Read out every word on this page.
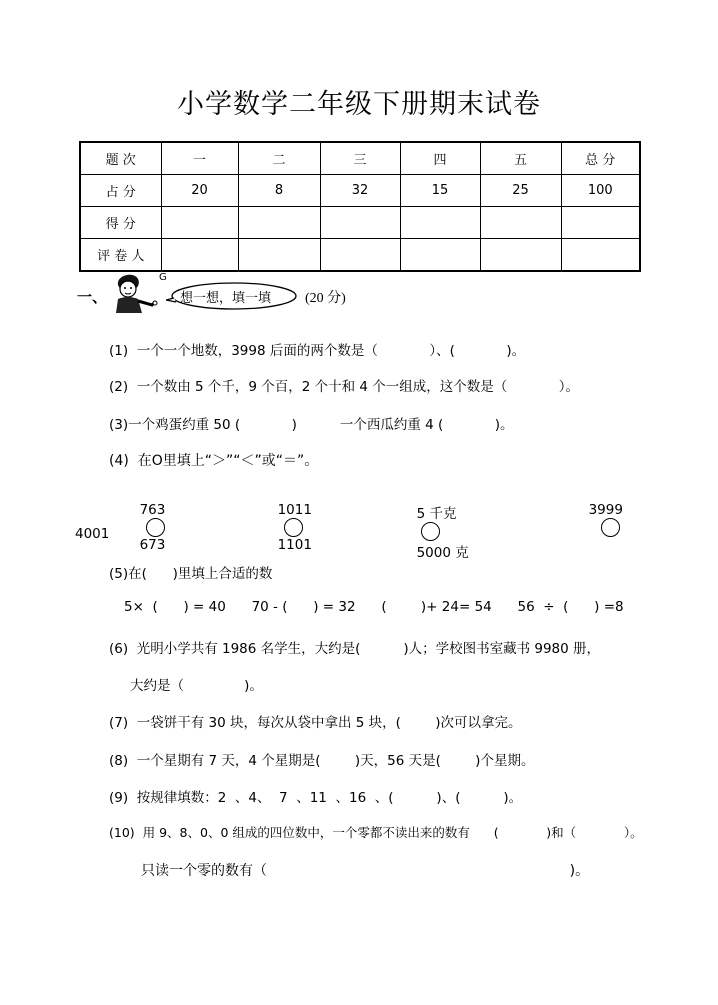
小学数学二年级下册期末试卷
题 次	一	二	三	四	五	总 分
占 分	20	8	32	15	25	100
得 分						
评 卷 人						
一、
G
想一想，填一填 (20 分)
(1)  一个一个地数，3998 后面的两个数是（            ）、(            )。
(2)  一个数由 5 个千，9 个百，2 个十和 4 个一组成，这个数是（            ）。
(3)一个鸡蛋约重 50 (            )          一个西瓜约重 4 (            )。
(4)  在O里填上“＞”“＜”或“＝”。

763

673

1011

1101

5 千克

5000 克

3999

4001
(5)在(      )里填上合适的数
5×  (      ) = 40      70 - (      ) = 32      (        )+ 24= 54      56  ÷  (      ) =8
(6)  光明小学共有 1986 名学生，大约是(          )人；学校图书室藏书 9980 册，
大约是（              )。
(7)  一袋饼干有 30 块，每次从袋中拿出 5 块，(        )次可以拿完。
(8)  一个星期有 7 天，4 个星期是(        )天，56 天是(        )个星期。
(9)  按规律填数：2  、4、  7  、11  、16  、(          )、(          )。
(10)  用 9、8、0、0 组成的四位数中，一个零都不读出来的数有      (            )和（            ）。
只读一个零的数有（                                                                    )。
